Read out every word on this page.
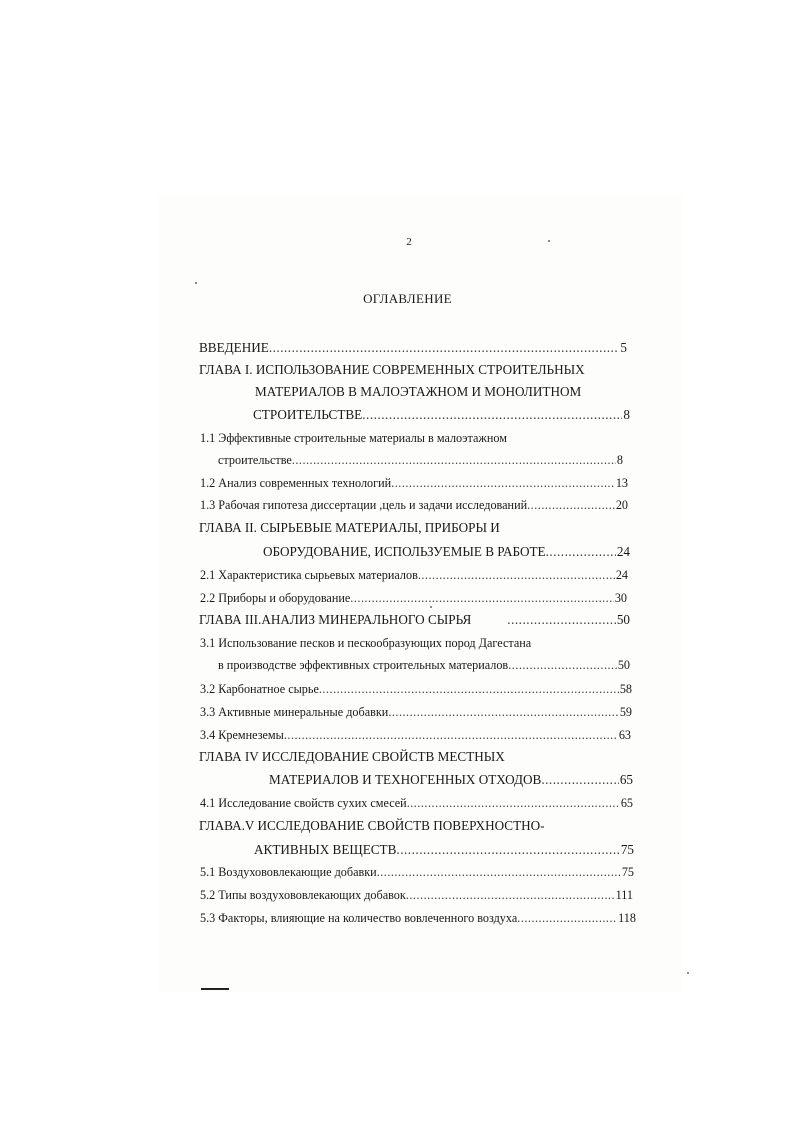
2
ОГЛАВЛЕНИЕ
ВВЕДЕНИЕ .....	5
ГЛАВА I. ИСПОЛЬЗОВАНИЕ СОВРЕМЕННЫХ СТРОИТЕЛЬНЫХ
МАТЕРИАЛОВ В МАЛОЭТАЖНОМ И МОНОЛИТНОМ
СТРОИТЕЛЬСТВЕ .....	8
1.1 Эффективные строительные материалы в малоэтажном
строительстве .....	8
1.2 Анализ современных технологий .....	13
1.3 Рабочая гипотеза диссертации ,цель и задачи исследований .....	20
ГЛАВА II. СЫРЬЕВЫЕ МАТЕРИАЛЫ, ПРИБОРЫ И
ОБОРУДОВАНИЕ, ИСПОЛЬЗУЕМЫЕ В РАБОТЕ .....	24
2.1 Характеристика сырьевых материалов .....	24
2.2 Приборы и оборудование .....	30
ГЛАВА III.АНАЛИЗ МИНЕРАЛЬНОГО СЫРЬЯ .....	50
3.1 Использование песков и пескообразующих пород Дагестана
в производстве эффективных строительных материалов .....	50
3.2 Карбонатное сырье .....	58
3.3 Активные минеральные добавки .....	59
3.4 Кремнеземы .....	63
ГЛАВА IV ИССЛЕДОВАНИЕ СВОЙСТВ МЕСТНЫХ
МАТЕРИАЛОВ И ТЕХНОГЕННЫХ ОТХОДОВ .....	65
4.1 Исследование свойств сухих смесей .....	65
ГЛАВА.V ИССЛЕДОВАНИЕ СВОЙСТВ ПОВЕРХНОСТНО-
АКТИВНЫХ ВЕЩЕСТВ .....	75
5.1 Воздухововлекающие добавки .....	75
5.2 Типы воздухововлекающих добавок .....	111
5.3 Факторы, влияющие на количество вовлеченного воздуха .....	118
